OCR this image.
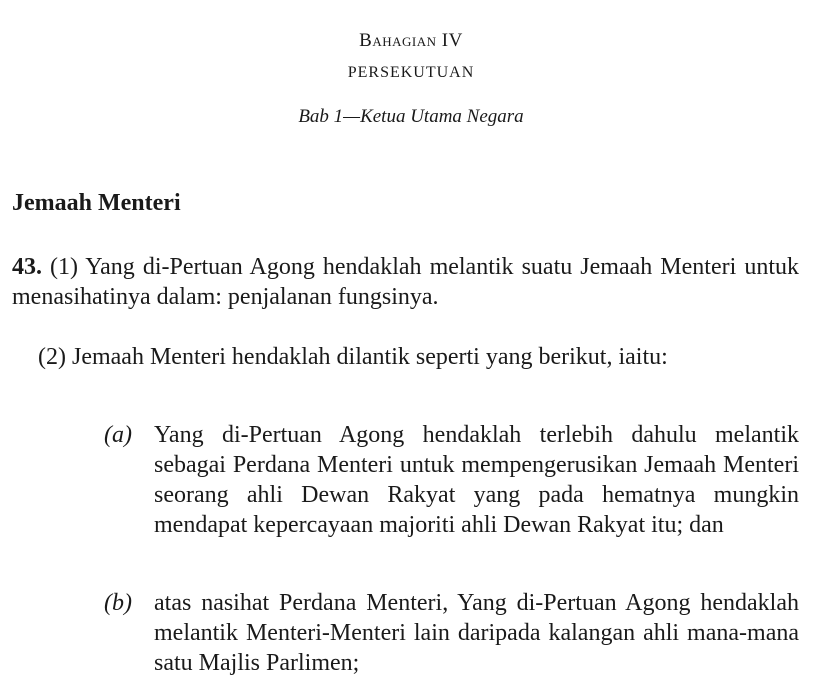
Bahagian IV
PERSEKUTUAN
Bab 1—Ketua Utama Negara
Jemaah Menteri
43. (1) Yang di-Pertuan Agong hendaklah melantik suatu Jemaah Menteri untuk menasihatinya dalam: penjalanan fungsinya.
(2) Jemaah Menteri hendaklah dilantik seperti yang berikut, iaitu:
(a) Yang di-Pertuan Agong hendaklah terlebih dahulu melantik sebagai Perdana Menteri untuk mempengerusikan Jemaah Menteri seorang ahli Dewan Rakyat yang pada hematnya mungkin mendapat kepercayaan majoriti ahli Dewan Rakyat itu; dan
(b) atas nasihat Perdana Menteri, Yang di-Pertuan Agong hendaklah melantik Menteri-Menteri lain daripada kalangan ahli mana-mana satu Majlis Parlimen;
